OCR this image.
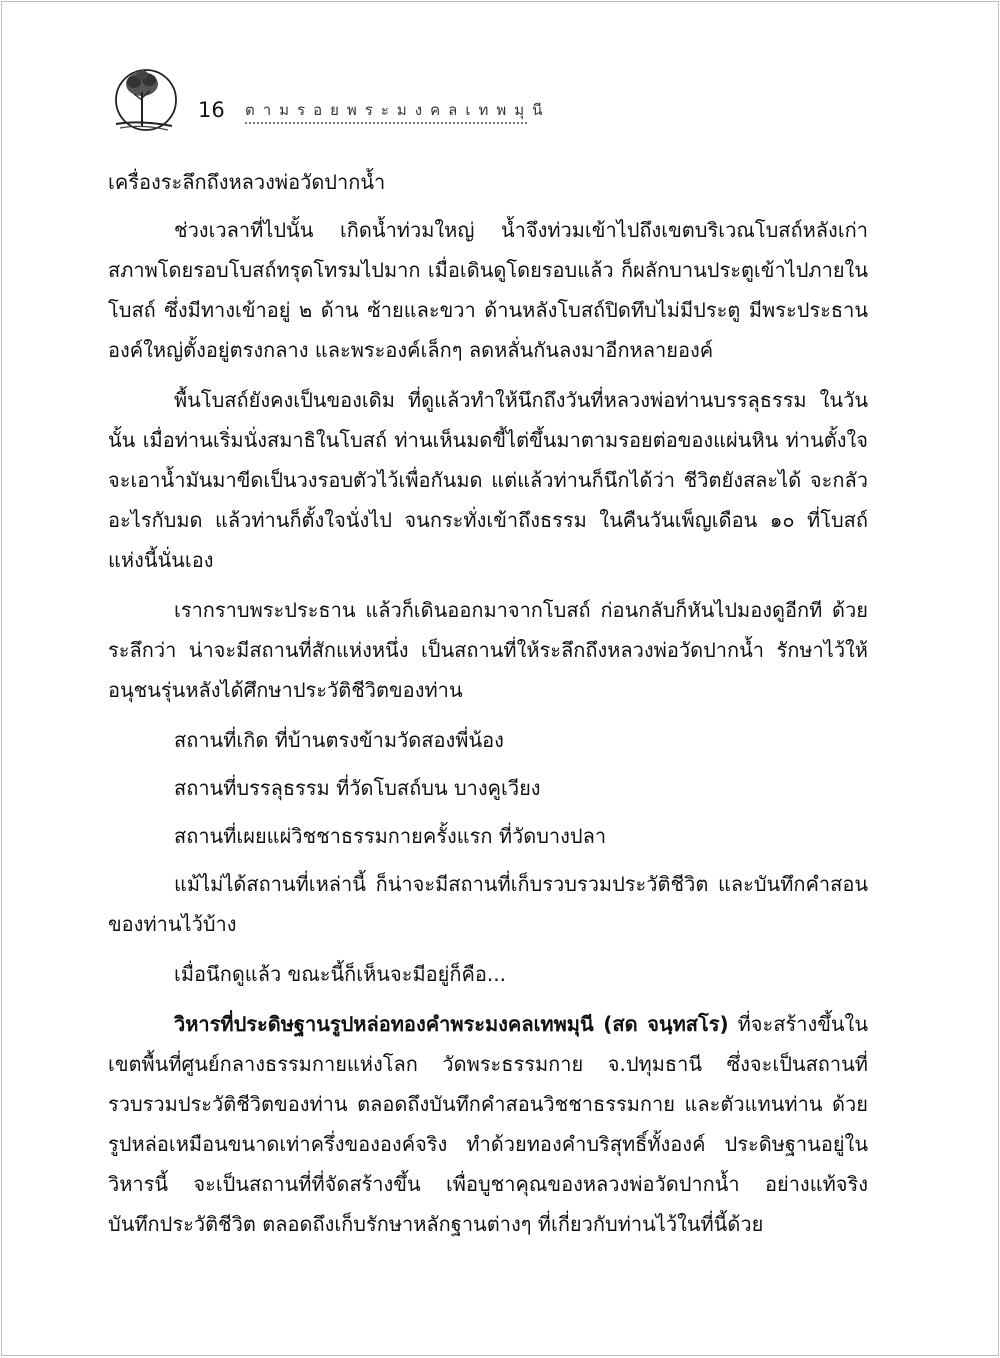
16 ตามรอยพระมงคลเทพมุนี

เครื่องระลึกถึงหลวงพ่อวัดปากน้ำ

ช่วงเวลาที่ไปนั้น เกิดน้ำท่วมใหญ่ น้ำจึงท่วมเข้าไปถึงเขตบริเวณโบสถ์หลังเก่า สภาพโดยรอบโบสถ์ทรุดโทรมไปมาก เมื่อเดินดูโดยรอบแล้ว ก็ผลักบานประตูเข้าไปภายในโบสถ์ ซึ่งมีทางเข้าอยู่ ๒ ด้าน ซ้ายและขวา ด้านหลังโบสถ์ปิดทึบไม่มีประตู มีพระประธานองค์ใหญ่ตั้งอยู่ตรงกลาง และพระองค์เล็กๆ ลดหลั่นกันลงมาอีกหลายองค์

พื้นโบสถ์ยังคงเป็นของเดิม ที่ดูแล้วทำให้นึกถึงวันที่หลวงพ่อท่านบรรลุธรรม ในวันนั้น เมื่อท่านเริ่มนั่งสมาธิในโบสถ์ ท่านเห็นมดขี้ไต่ขึ้นมาตามรอยต่อของแผ่นหิน ท่านตั้งใจจะเอาน้ำมันมาขีดเป็นวงรอบตัวไว้เพื่อกันมด แต่แล้วท่านก็นึกได้ว่า ชีวิตยังสละได้ จะกลัวอะไรกับมด แล้วท่านก็ตั้งใจนั่งไป จนกระทั่งเข้าถึงธรรม ในคืนวันเพ็ญเดือน ๑๐ ที่โบสถ์แห่งนี้นั่นเอง

เรากราบพระประธาน แล้วก็เดินออกมาจากโบสถ์ ก่อนกลับก็หันไปมองดูอีกที ด้วยระลึกว่า น่าจะมีสถานที่สักแห่งหนึ่ง เป็นสถานที่ให้ระลึกถึงหลวงพ่อวัดปากน้ำ รักษาไว้ให้อนุชนรุ่นหลังได้ศึกษาประวัติชีวิตของท่าน

สถานที่เกิด ที่บ้านตรงข้ามวัดสองพี่น้อง

สถานที่บรรลุธรรม ที่วัดโบสถ์บน บางคูเวียง

สถานที่เผยแผ่วิชชาธรรมกายครั้งแรก ที่วัดบางปลา

แม้ไม่ได้สถานที่เหล่านี้ ก็น่าจะมีสถานที่เก็บรวบรวมประวัติชีวิต และบันทึกคำสอนของท่านไว้บ้าง

เมื่อนึกดูแล้ว ขณะนี้ก็เห็นจะมีอยู่ก็คือ...

วิหารที่ประดิษฐานรูปหล่อทองคำพระมงคลเทพมุนี (สด จนฺทสโร) ที่จะสร้างขึ้นในเขตพื้นที่ศูนย์กลางธรรมกายแห่งโลก วัดพระธรรมกาย จ.ปทุมธานี ซึ่งจะเป็นสถานที่รวบรวมประวัติชีวิตของท่าน ตลอดถึงบันทึกคำสอนวิชชาธรรมกาย และตัวแทนท่าน ด้วยรูปหล่อเหมือนขนาดเท่าครึ่งขององค์จริง ทำด้วยทองคำบริสุทธิ์ทั้งองค์ ประดิษฐานอยู่ในวิหารนี้ จะเป็นสถานที่ที่จัดสร้างขึ้น เพื่อบูชาคุณของหลวงพ่อวัดปากน้ำ อย่างแท้จริง บันทึกประวัติชีวิต ตลอดถึงเก็บรักษาหลักฐานต่างๆ ที่เกี่ยวกับท่านไว้ในที่นี้ด้วย
